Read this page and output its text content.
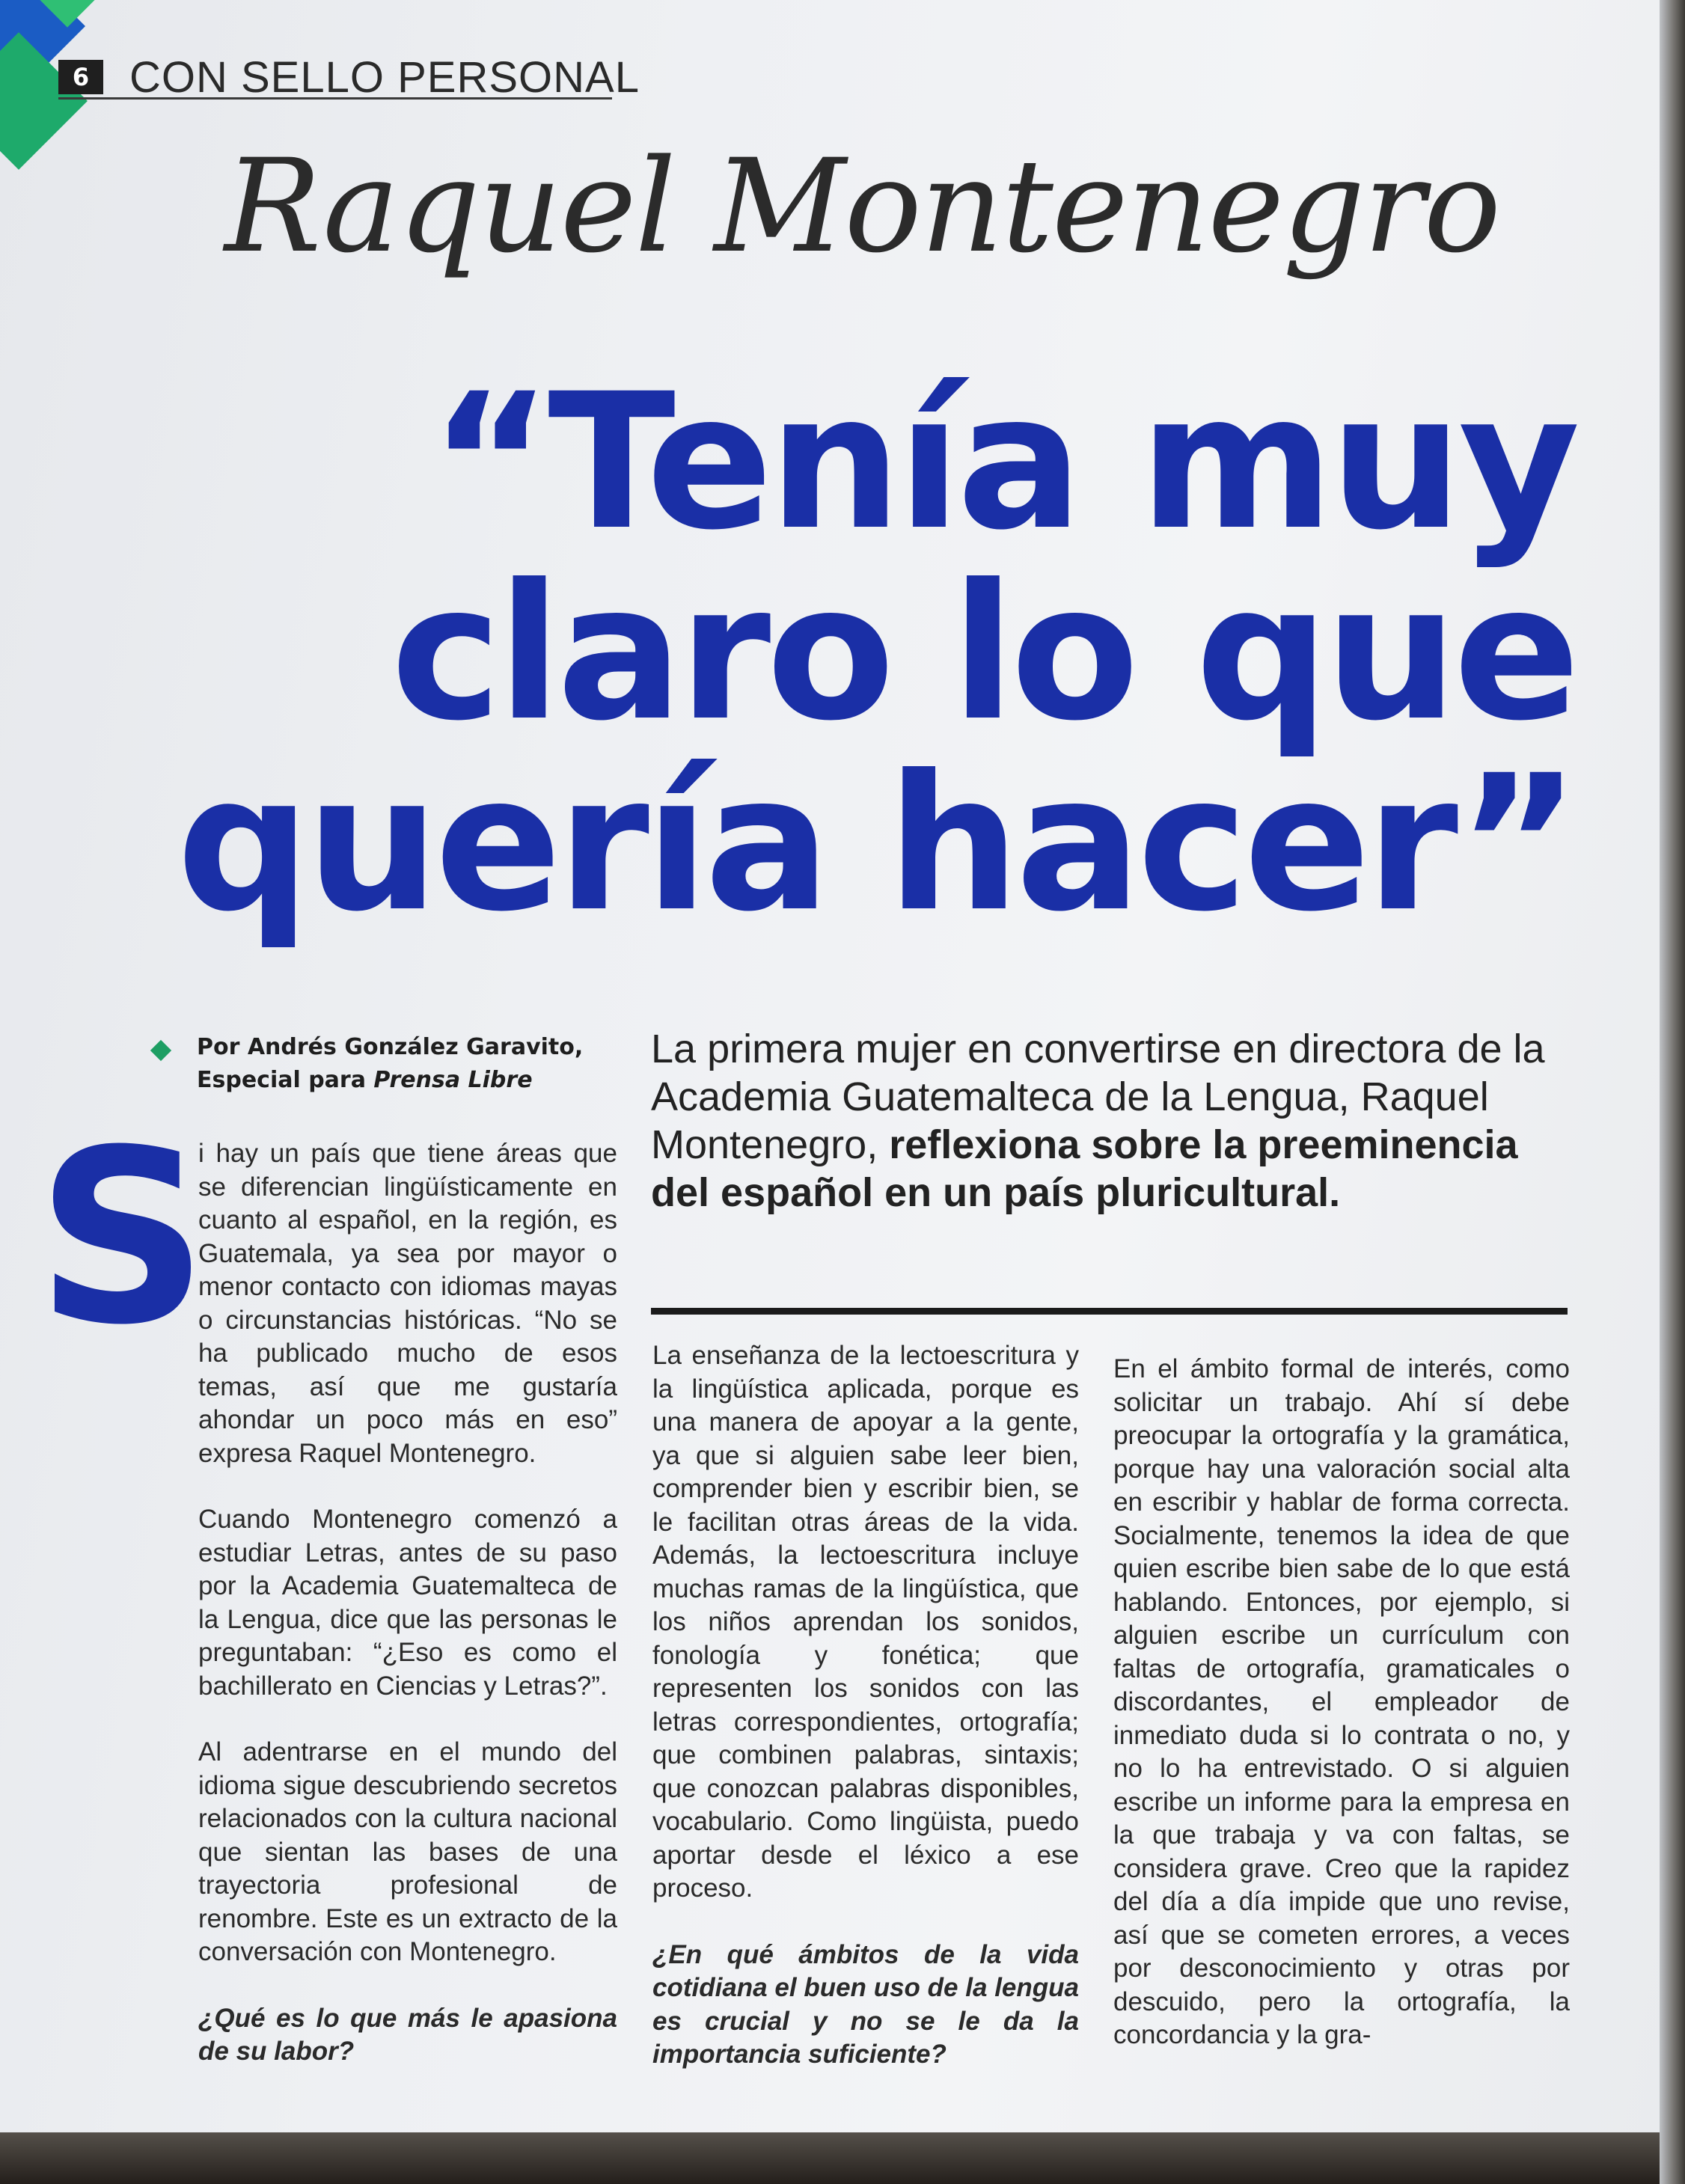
6 CON SELLO PERSONAL
Raquel Montenegro
“Tenía muy
claro lo que
quería hacer”
Por Andrés González Garavito,
Especial para Prensa Libre
La primera mujer en convertirse en directora de la Academia Guatemalteca de la Lengua, Raquel Montenegro, reflexiona sobre la preeminencia del español en un país pluricultural.
S

i hay un país que tiene áreas que se diferencian lingüísticamente en cuanto al español, en la región, es Guatemala, ya sea por mayor o menor contacto con idiomas mayas o circunstancias históricas. “No se ha publicado mucho de esos temas, así que me gustaría ahondar un poco más en eso” expresa Raquel Montenegro.

Cuando Montenegro comenzó a estudiar Letras, antes de su paso por la Academia Guatemalteca de la Lengua, dice que las personas le preguntaban: “¿Eso es como el bachillerato en Ciencias y Letras?”.

Al adentrarse en el mundo del idioma sigue descubriendo secretos relacionados con la cultura nacional que sientan las bases de una trayectoria profesional de renombre. Este es un extracto de la conversación con Montenegro.

¿Qué es lo que más le apasiona de su labor?

La enseñanza de la lectoescritura y la lingüística aplicada, porque es una manera de apoyar a la gente, ya que si alguien sabe leer bien, comprender bien y escribir bien, se le facilitan otras áreas de la vida. Además, la lectoescritura incluye muchas ramas de la lingüística, que los niños aprendan los sonidos, fonología y fonética; que representen los sonidos con las letras correspondientes, ortografía; que combinen palabras, sintaxis; que conozcan palabras disponibles, vocabulario. Como lingüista, puedo aportar desde el léxico a ese proceso.

¿En qué ámbitos de la vida cotidiana el buen uso de la lengua es crucial y no se le da la importancia suficiente?

En el ámbito formal de interés, como solicitar un trabajo. Ahí sí debe preocupar la ortografía y la gramática, porque hay una valoración social alta en escribir y hablar de forma correcta. Socialmente, tenemos la idea de que quien escribe bien sabe de lo que está hablando. Entonces, por ejemplo, si alguien escribe un currículum con faltas de ortografía, gramaticales o discordantes, el empleador de inmediato duda si lo contrata o no, y no lo ha entrevistado. O si alguien escribe un informe para la empresa en la que trabaja y va con faltas, se considera grave. Creo que la rapidez del día a día impide que uno revise, así que se cometen errores, a veces por desconocimiento y otras por descuido, pero la ortografía, la concordancia y la gra-
